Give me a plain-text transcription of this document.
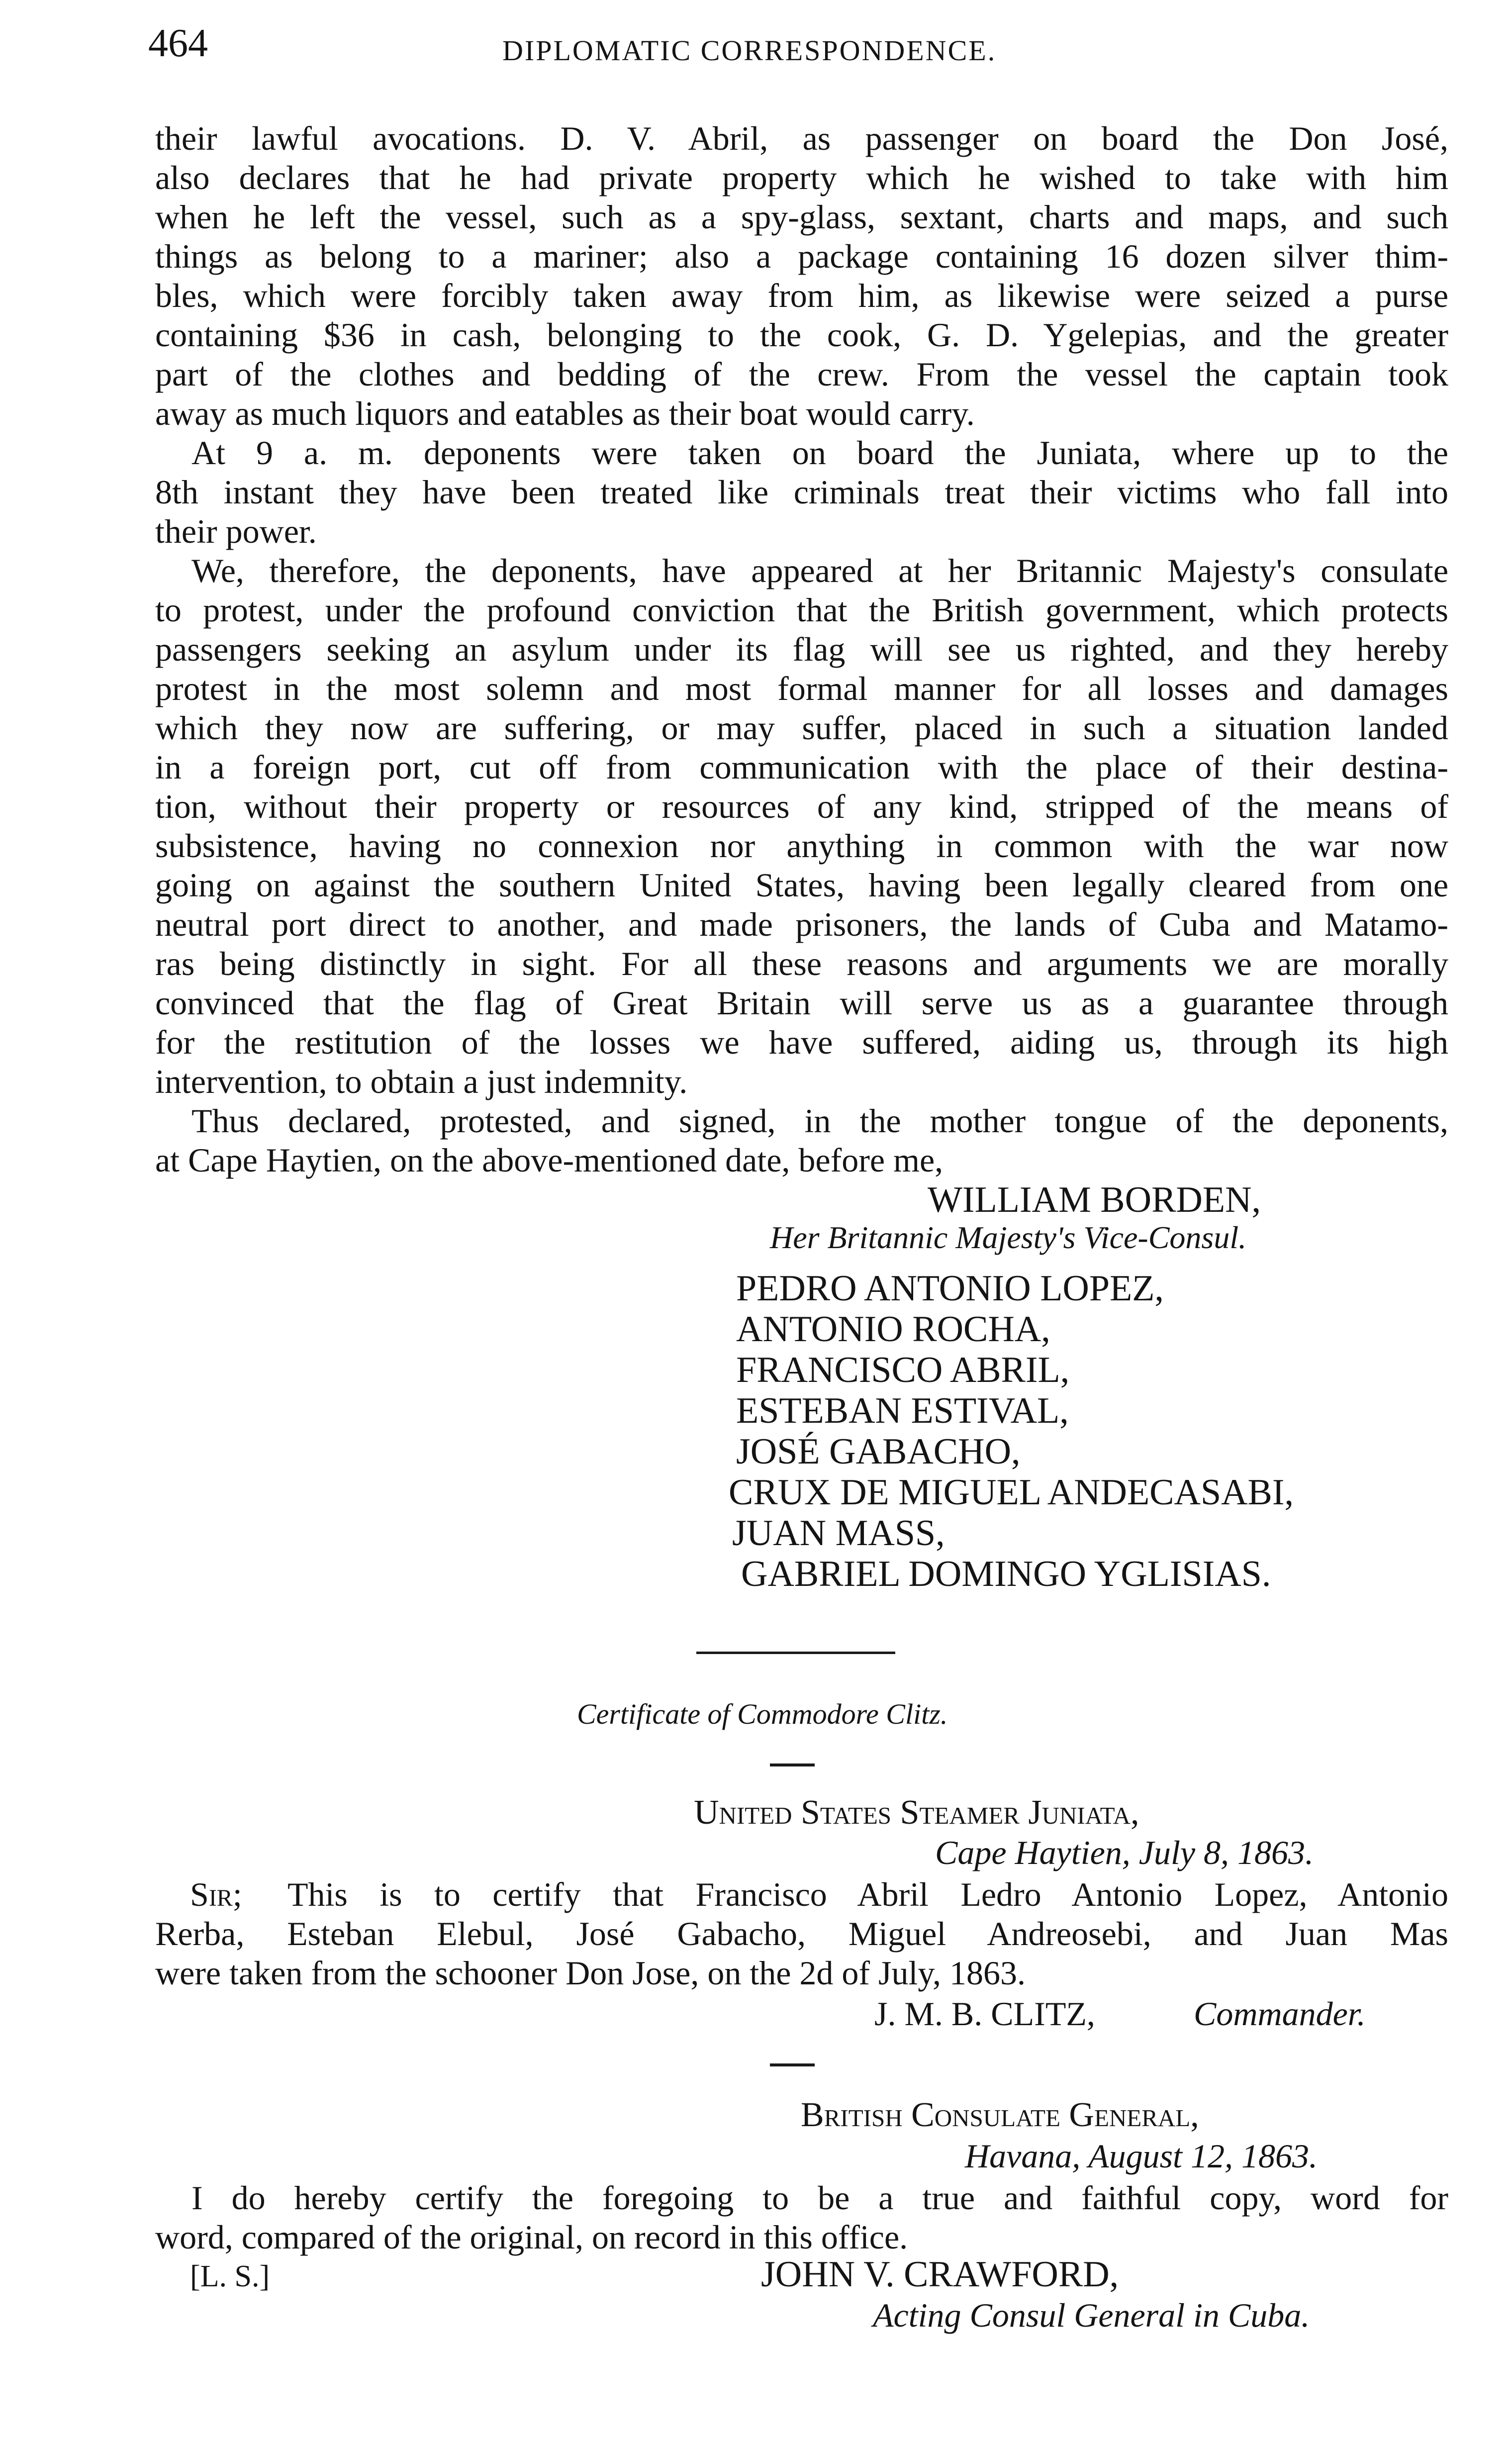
464	DIPLOMATIC CORRESPONDENCE.
their lawful avocations. D. V. Abril, as passenger on board the Don José,
also declares that he had private property which he wished to take with him
when he left the vessel, such as a spy-glass, sextant, charts and maps, and such
things as belong to a mariner; also a package containing 16 dozen silver thim-
bles, which were forcibly taken away from him, as likewise were seized a purse
containing $36 in cash, belonging to the cook, G. D. Ygelepias, and the greater
part of the clothes and bedding of the crew. From the vessel the captain took
away as much liquors and eatables as their boat would carry.
At 9 a. m. deponents were taken on board the Juniata, where up to the
8th instant they have been treated like criminals treat their victims who fall into
their power.
We, therefore, the deponents, have appeared at her Britannic Majesty's consulate
to protest, under the profound conviction that the British government, which protects
passengers seeking an asylum under its flag will see us righted, and they hereby
protest in the most solemn and most formal manner for all losses and damages
which they now are suffering, or may suffer, placed in such a situation landed
in a foreign port, cut off from communication with the place of their destina-
tion, without their property or resources of any kind, stripped of the means of
subsistence, having no connexion nor anything in common with the war now
going on against the southern United States, having been legally cleared from one
neutral port direct to another, and made prisoners, the lands of Cuba and Matamo-
ras being distinctly in sight. For all these reasons and arguments we are morally
convinced that the flag of Great Britain will serve us as a guarantee through
for the restitution of the losses we have suffered, aiding us, through its high
intervention, to obtain a just indemnity.
Thus declared, protested, and signed, in the mother tongue of the deponents,
at Cape Haytien, on the above-mentioned date, before me,
WILLIAM BORDEN,
Her Britannic Majesty's Vice-Consul.
PEDRO ANTONIO LOPEZ,
ANTONIO ROCHA,
FRANCISCO ABRIL,
ESTEBAN ESTIVAL,
JOSÉ GABACHO,
CRUX DE MIGUEL ANDECASABI,
JUAN MASS,
GABRIEL DOMINGO YGLISIAS.
Certificate of Commodore Clitz.
United States Steamer Juniata,
Cape Haytien, July 8, 1863.
Sir; This is to certify that Francisco Abril Ledro Antonio Lopez, Antonio
Rerba, Esteban Elebul, José Gabacho, Miguel Andreosebi, and Juan Mas
were taken from the schooner Don Jose, on the 2d of July, 1863.
J. M. B. CLITZ,	Commander.
British Consulate General,
Havana, August 12, 1863.
I do hereby certify the foregoing to be a true and faithful copy, word for
word, compared of the original, on record in this office.
[L. S.]	JOHN V. CRAWFORD,
Acting Consul General in Cuba.
